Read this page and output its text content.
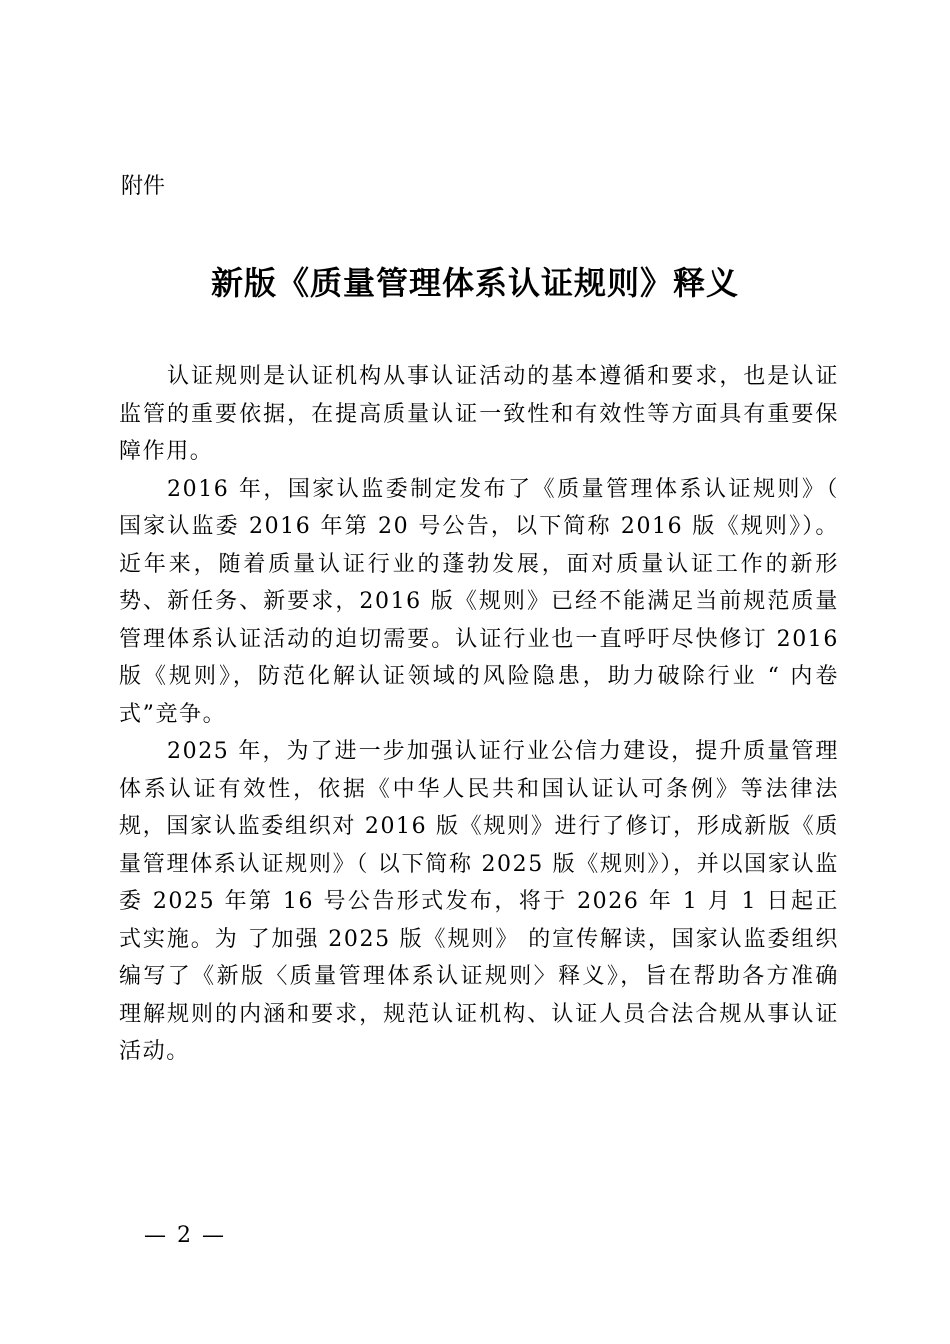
附件

新版《质量管理体系认证规则》释义

认证规则是认证机构从事认证活动的基本遵循和要求，也是认证监管的重要依据，在提高质量认证一致性和有效性等方面具有重要保障作用。

2016 年，国家认监委制定发布了《质量管理体系认证规则》（ 国家认监委 2016 年第 20 号公告，以下简称 2016 版《规则》）。近年来，随着质量认证行业的蓬勃发展，面对质量认证工作的新形势、新任务、新要求，2016 版《规则》已经不能满足当前规范质量管理体系认证活动的迫切需要。认证行业也一直呼吁尽快修订 2016 版《规则》，防范化解认证领域的风险隐患，助力破除行业 “ 内卷式”竞争。

2025 年，为了进一步加强认证行业公信力建设，提升质量管理体系认证有效性，依据《中华人民共和国认证认可条例》等法律法规，国家认监委组织对 2016 版《规则》进行了修订，形成新版《质量管理体系认证规则》（ 以下简称 2025 版《规则》），并以国家认监委 2025 年第 16 号公告形式发布，将于 2026 年 1 月 1 日起正式实施。为 了加强 2025 版《规则》 的宣传解读，国家认监委组织编写了《新版〈质量管理体系认证规则〉释义》，旨在帮助各方准确理解规则的内涵和要求，规范认证机构、认证人员合法合规从事认证活动。

— 2 —
